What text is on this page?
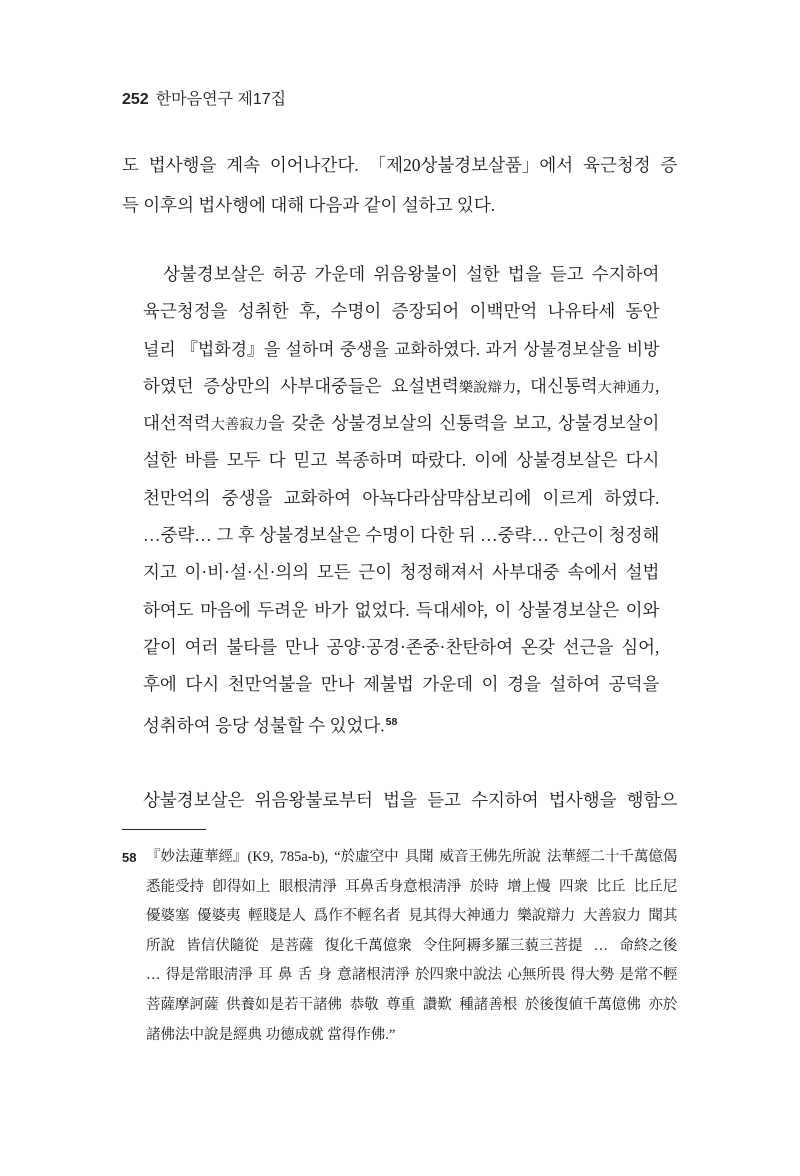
252 한마음연구 제17집
도 법사행을 계속 이어나간다. 「제20상불경보살품」에서 육근청정 증
득 이후의 법사행에 대해 다음과 같이 설하고 있다.
상불경보살은 허공 가운데 위음왕불이 설한 법을 듣고 수지하여
육근청정을 성취한 후, 수명이 증장되어 이백만억 나유타세 동안
널리 『법화경』을 설하며 중생을 교화하였다. 과거 상불경보살을 비방
하였던 증상만의 사부대중들은 요설변력樂說辯力, 대신통력大神通力,
대선적력大善寂力을 갖춘 상불경보살의 신통력을 보고, 상불경보살이
설한 바를 모두 다 믿고 복종하며 따랐다. 이에 상불경보살은 다시
천만억의 중생을 교화하여 아뇩다라삼먁삼보리에 이르게 하였다.
…중략… 그 후 상불경보살은 수명이 다한 뒤 …중략… 안근이 청정해
지고 이·비·설·신·의의 모든 근이 청정해져서 사부대중 속에서 설법
하여도 마음에 두려운 바가 없었다. 득대세야, 이 상불경보살은 이와
같이 여러 불타를 만나 공양·공경·존중·찬탄하여 온갖 선근을 심어,
후에 다시 천만억불을 만나 제불법 가운데 이 경을 설하여 공덕을
성취하여 응당 성불할 수 있었다.$^{58}$
상불경보살은 위음왕불로부터 법을 듣고 수지하여 법사행을 행함으
58 『妙法蓮華經』(K9, 785a-b), “於虛空中 具聞 威音王佛先所說 法華經二十千萬億偈
悉能受持 卽得如上 眼根淸淨 耳鼻舌身意根淸淨 於時 增上慢 四衆 比丘 比丘尼
優婆塞 優婆夷 輕賤是人 爲作不輕名者 見其得大神通力 樂說辯力 大善寂力 聞其
所說 皆信伏隨從 是菩薩 復化千萬億衆 令住阿耨多羅三藐三菩提 … 命終之後
… 得是常眼淸淨 耳 鼻 舌 身 意諸根淸淨 於四衆中說法 心無所畏 得大勢 是常不輕
菩薩摩訶薩 供養如是若干諸佛 恭敬 尊重 讚歎 種諸善根 於後復値千萬億佛 亦於
諸佛法中說是經典 功德成就 當得作佛.”
